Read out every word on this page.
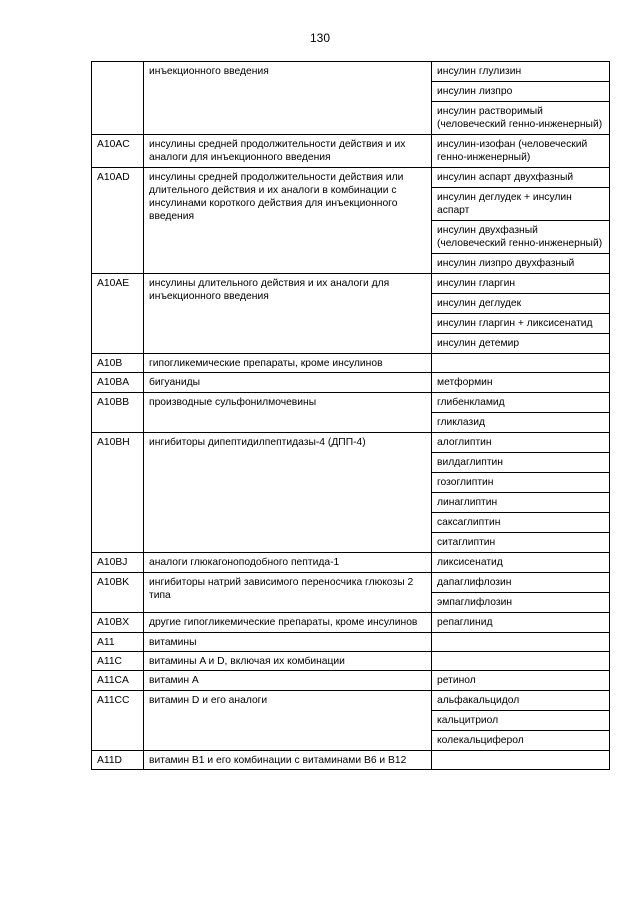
130
	инъекционного введения	инсулин глулизин
		инсулин лизпро
		инсулин растворимый (человеческий генно-инженерный)
A10AC	инсулины средней продолжительности действия и их аналоги для инъекционного введения	инсулин-изофан (человеческий генно-инженерный)
A10AD	инсулины средней продолжительности действия или длительного действия и их аналоги в комбинации с инсулинами короткого действия для инъекционного введения	инсулин аспарт двухфазный
		инсулин деглудек + инсулин аспарт
		инсулин двухфазный (человеческий генно-инженерный)
		инсулин лизпро двухфазный
A10AE	инсулины длительного действия и их аналоги для инъекционного введения	инсулин гларгин
		инсулин деглудек
		инсулин гларгин + ликсисенатид
		инсулин детемир
A10B	гипогликемические препараты, кроме инсулинов	
A10BA	бигуаниды	метформин
A10BB	производные сульфонилмочевины	глибенкламид
		гликлазид
A10BH	ингибиторы дипептидилпептидазы-4 (ДПП-4)	алоглиптин
		вилдаглиптин
		гозоглиптин
		линаглиптин
		саксаглиптин
		ситаглиптин
A10BJ	аналоги глюкагоноподобного пептида-1	ликсисенатид
A10BK	ингибиторы натрий зависимого переносчика глюкозы 2 типа	дапаглифлозин
		эмпаглифлозин
A10BX	другие гипогликемические препараты, кроме инсулинов	репаглинид
A11	витамины	
A11C	витамины A и D, включая их комбинации	
A11CA	витамин A	ретинол
A11CC	витамин D и его аналоги	альфакальцидол
		кальцитриол
		колекальциферол
A11D	витамин B1 и его комбинации с витаминами B6 и B12	
